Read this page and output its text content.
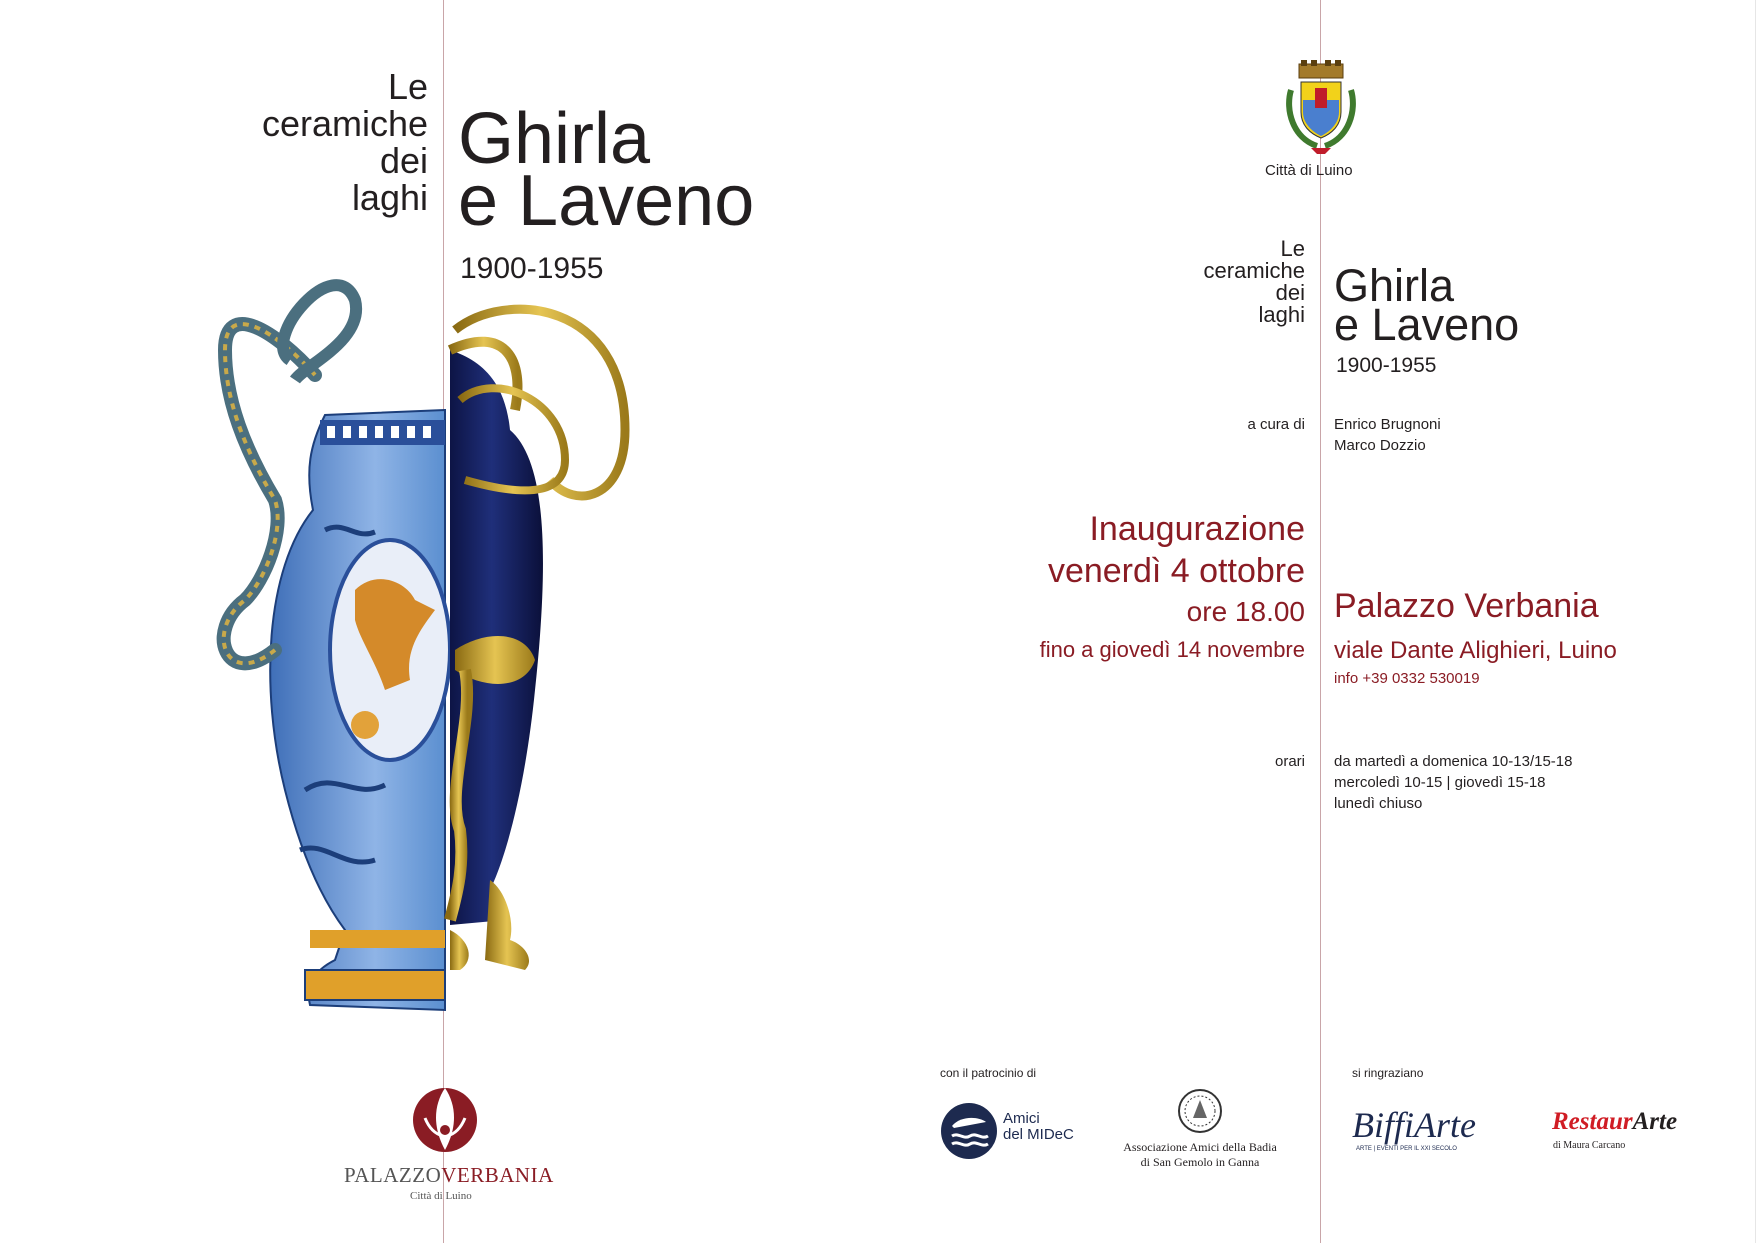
Le
ceramiche
dei
laghi
Ghirla
e Laveno
1900-1955
PALAZZOVERBANIA
Città di Luino
Città di Luino
Le
ceramiche
dei
laghi
Ghirla
e Laveno
1900-1955
a cura di Enrico Brugnoni
Marco Dozzio
Inaugurazione
venerdì 4 ottobre
ore 18.00
fino a giovedì 14 novembre
Palazzo Verbania
viale Dante Alighieri, Luino
info +39 0332 530019
orari da martedì a domenica 10-13/15-18
mercoledì 10-15 | giovedì 15-18
lunedì chiuso
con il patrocinio di	si ringraziano
Amici
del MIDeC
Associazione Amici della Badia
di San Gemolo in Ganna
BiffiArte
ARTE | EVENTI PER IL XXI SECOLO
RestaurArte
di Maura Carcano
